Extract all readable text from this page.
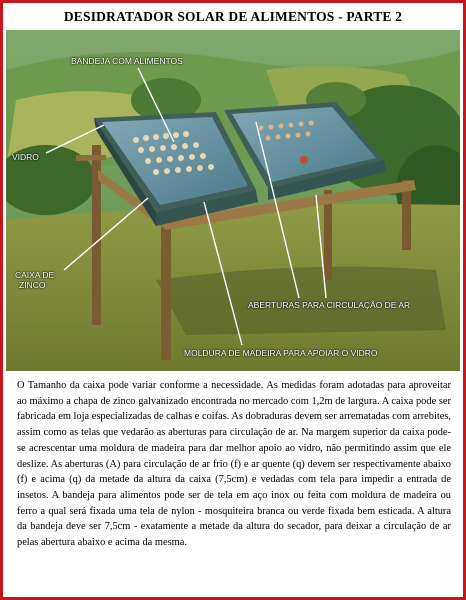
DESIDRATADOR SOLAR DE ALIMENTOS - PARTE 2
BANDEJA COM ALIMENTOS
VIDRO
CAIXA DE
ZINCO
ABERTURAS PARA CIRCULAÇÃO DE AR
MOLDURA DE MADEIRA PARA APOIAR O VIDRO
O Tamanho da caixa pode variar conforme a necessidade. As medidas foram adotadas para aproveitar ao máximo a chapa de zinco galvanizado encontrada no mercado com 1,2m de largura. A caixa pode ser fabricada em loja especializadas de calhas e coifas. As dobraduras devem ser arrematadas com arrebites, assim como as telas que vedarão as aberturas para circulação de ar. Na margem superior da caixa pode-se acrescentar uma moldura de madeira para dar melhor apoio ao vidro, não permitindo assim que ele deslize. As aberturas (A) para circulação de ar frio (f) e ar quente (q) devem ser respectivamente abaixo (f) e acima (q) da metade da altura da caixa (7,5cm) e vedadas com tela para impedir a entrada de insetos. A bandeja para alimentos pode ser de tela em aço inox ou feita com moldura de madeira ou ferro a qual será fixada uma tela de nylon - mosquiteira branca ou verde fixada bem esticada. A altura da bandeja deve ser 7,5cm - exatamente a metade da altura do secador, para deixar a circulação de ar pelas abertura abaixo e acima da mesma.
